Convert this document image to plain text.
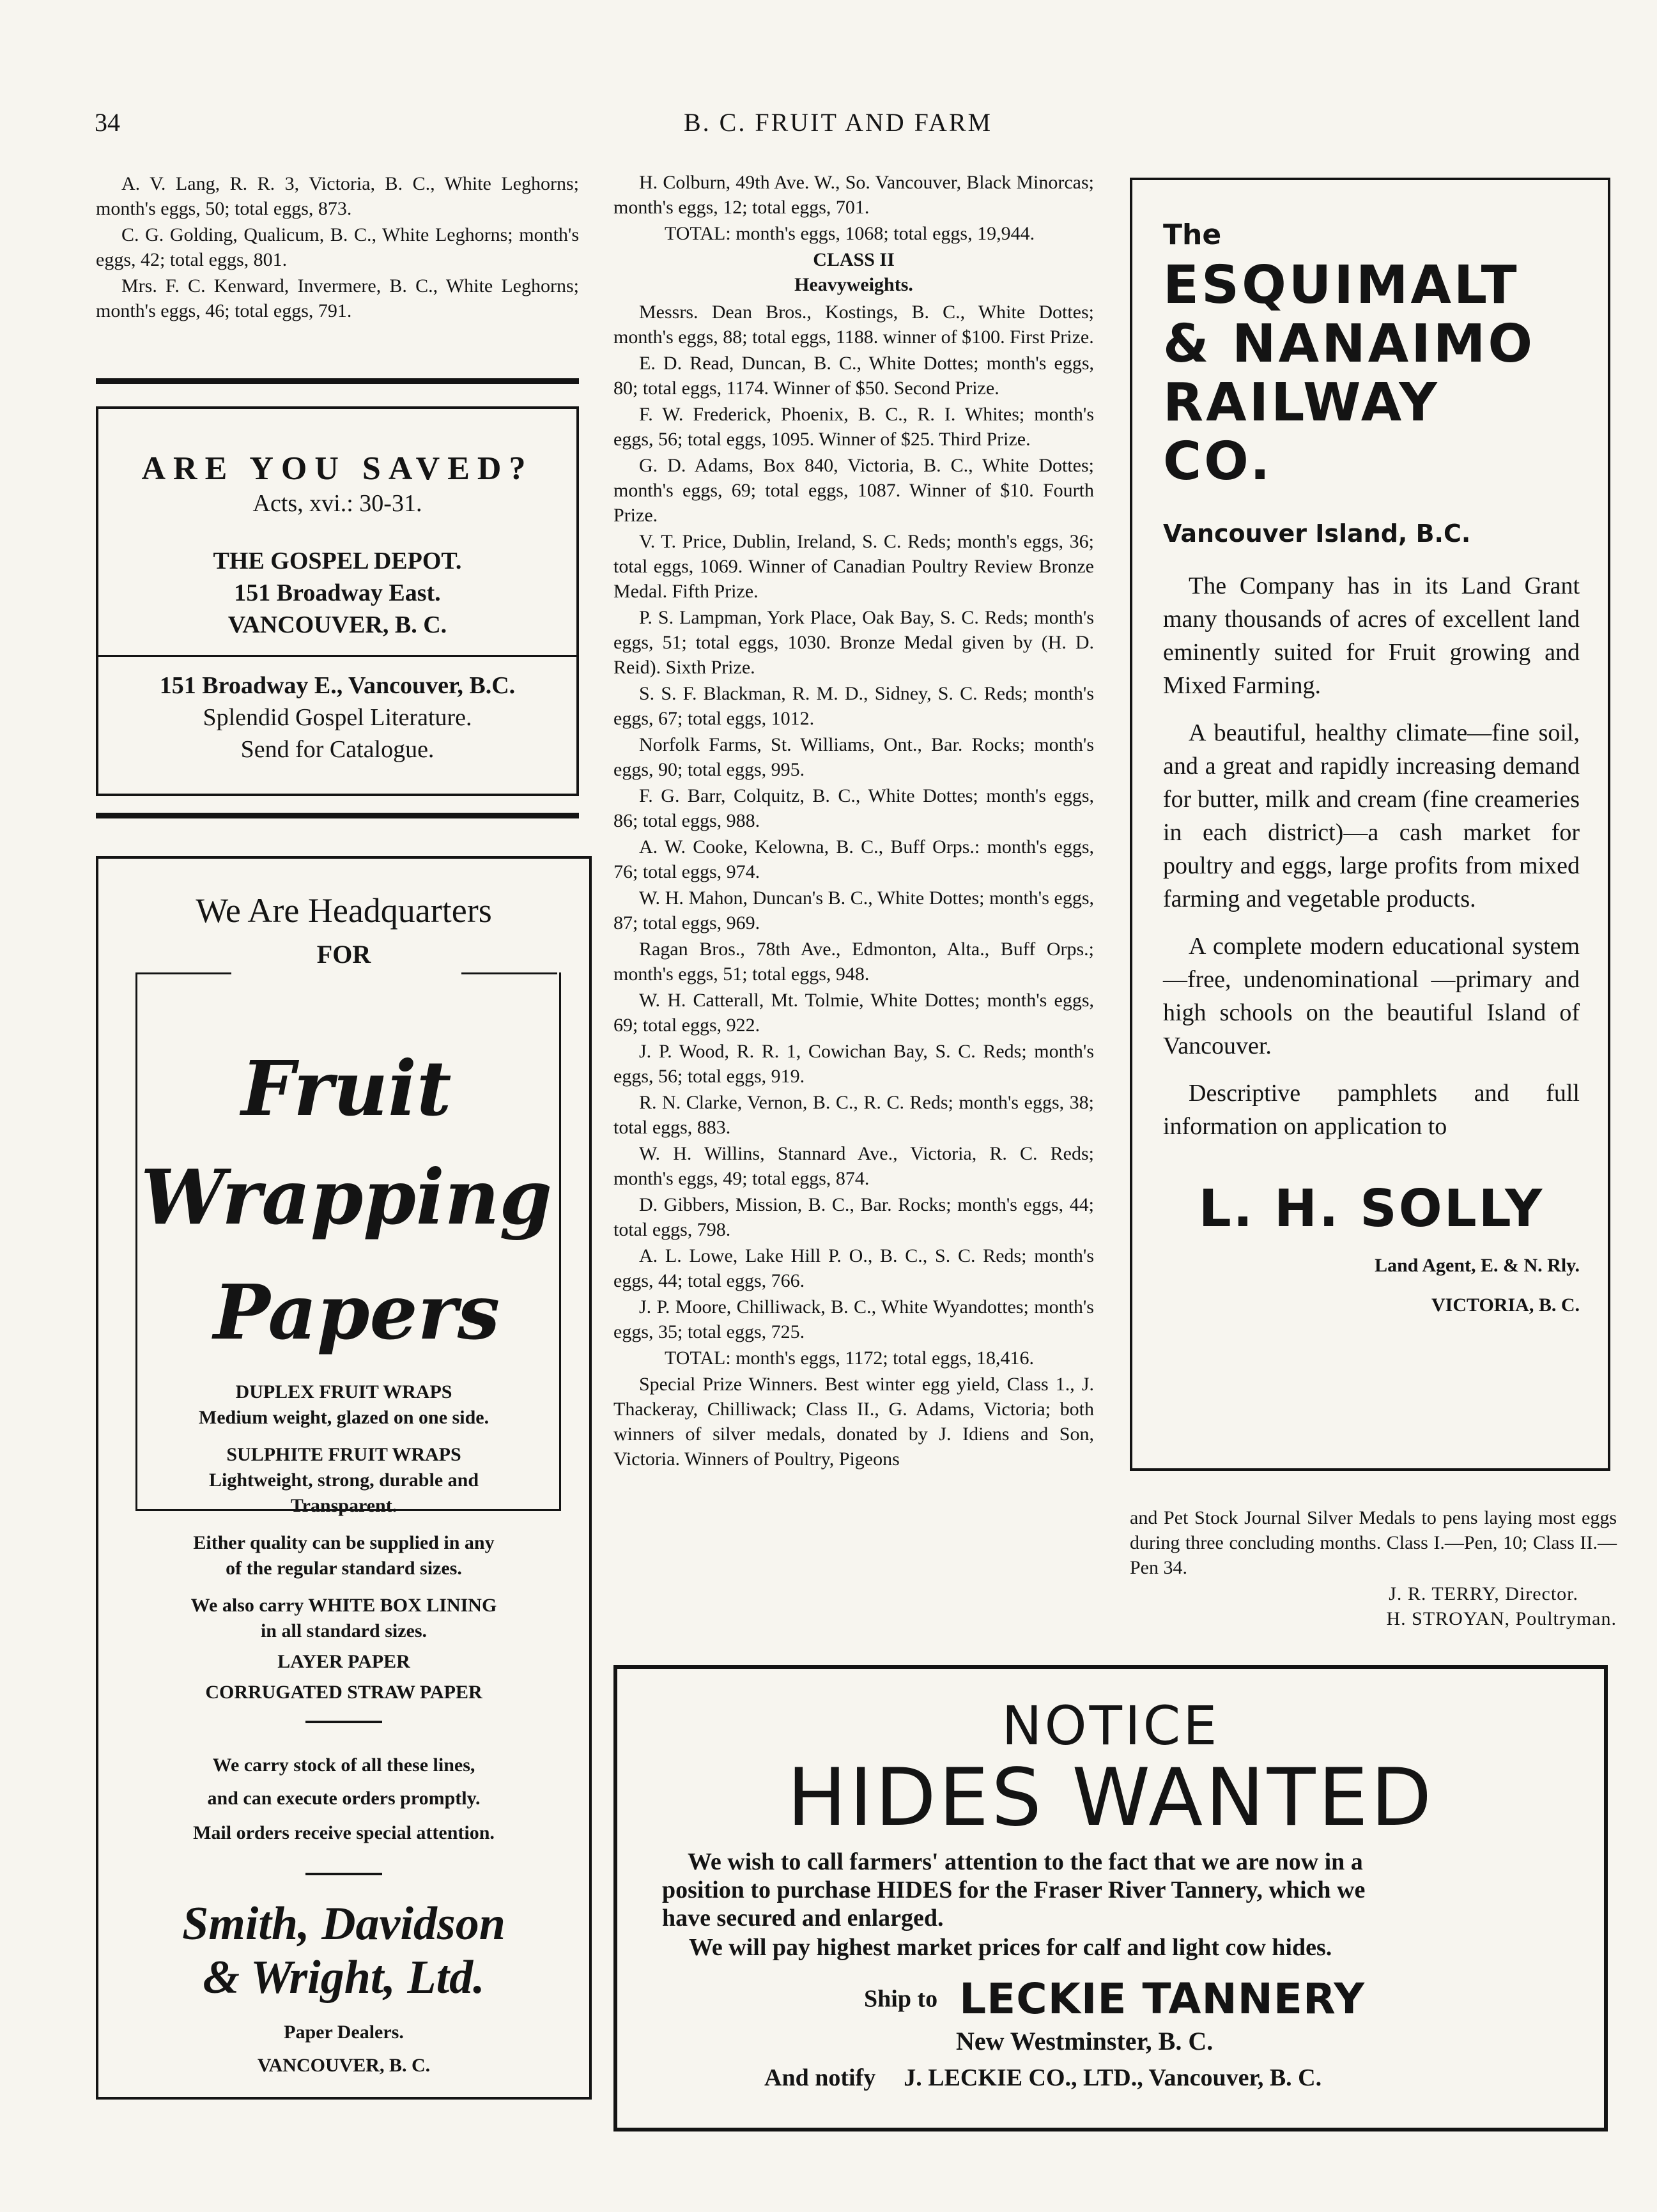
34	B. C. FRUIT AND FARM

A. V. Lang, R. R. 3, Victoria, B. C., White Leghorns; month's eggs, 50; total eggs, 873.

C. G. Golding, Qualicum, B. C., White Leghorns; month's eggs, 42; total eggs, 801.

Mrs. F. C. Kenward, Invermere, B. C., White Leghorns; month's eggs, 46; total eggs, 791.

ARE YOU SAVED?
Acts, xvi.: 30-31.
THE GOSPEL DEPOT.
151 Broadway East.
VANCOUVER, B. C.
151 Broadway E., Vancouver, B.C.
Splendid Gospel Literature.
Send for Catalogue.
We Are Headquarters
FOR
Fruit
Wrapping
Papers
DUPLEX FRUIT WRAPS
Medium weight, glazed on one side.
SULPHITE FRUIT WRAPS
Lightweight, strong, durable and
Transparent.
Either quality can be supplied in any
of the regular standard sizes.
We also carry WHITE BOX LINING
in all standard sizes.
LAYER PAPER
CORRUGATED STRAW PAPER
We carry stock of all these lines,
and can execute orders promptly.
Mail orders receive special attention.
Smith, Davidson
& Wright, Ltd.
Paper Dealers.
VANCOUVER, B. C.

H. Colburn, 49th Ave. W., So. Vancouver, Black Minorcas; month's eggs, 12; total eggs, 701.

TOTAL: month's eggs, 1068; total eggs, 19,944.

CLASS II
Heavyweights.

Messrs. Dean Bros., Kostings, B. C., White Dottes; month's eggs, 88; total eggs, 1188. winner of $100. First Prize.

E. D. Read, Duncan, B. C., White Dottes; month's eggs, 80; total eggs, 1174. Winner of $50. Second Prize.

F. W. Frederick, Phoenix, B. C., R. I. Whites; month's eggs, 56; total eggs, 1095. Winner of $25. Third Prize.

G. D. Adams, Box 840, Victoria, B. C., White Dottes; month's eggs, 69; total eggs, 1087. Winner of $10. Fourth Prize.

V. T. Price, Dublin, Ireland, S. C. Reds; month's eggs, 36; total eggs, 1069. Winner of Canadian Poultry Review Bronze Medal. Fifth Prize.

P. S. Lampman, York Place, Oak Bay, S. C. Reds; month's eggs, 51; total eggs, 1030. Bronze Medal given by (H. D. Reid). Sixth Prize.

S. S. F. Blackman, R. M. D., Sidney, S. C. Reds; month's eggs, 67; total eggs, 1012.

Norfolk Farms, St. Williams, Ont., Bar. Rocks; month's eggs, 90; total eggs, 995.

F. G. Barr, Colquitz, B. C., White Dottes; month's eggs, 86; total eggs, 988.

A. W. Cooke, Kelowna, B. C., Buff Orps.: month's eggs, 76; total eggs, 974.

W. H. Mahon, Duncan's B. C., White Dottes; month's eggs, 87; total eggs, 969.

Ragan Bros., 78th Ave., Edmonton, Alta., Buff Orps.; month's eggs, 51; total eggs, 948.

W. H. Catterall, Mt. Tolmie, White Dottes; month's eggs, 69; total eggs, 922.

J. P. Wood, R. R. 1, Cowichan Bay, S. C. Reds; month's eggs, 56; total eggs, 919.

R. N. Clarke, Vernon, B. C., R. C. Reds; month's eggs, 38; total eggs, 883.

W. H. Willins, Stannard Ave., Victoria, R. C. Reds; month's eggs, 49; total eggs, 874.

D. Gibbers, Mission, B. C., Bar. Rocks; month's eggs, 44; total eggs, 798.

A. L. Lowe, Lake Hill P. O., B. C., S. C. Reds; month's eggs, 44; total eggs, 766.

J. P. Moore, Chilliwack, B. C., White Wyandottes; month's eggs, 35; total eggs, 725.

TOTAL: month's eggs, 1172; total eggs, 18,416.

Special Prize Winners. Best winter egg yield, Class 1., J. Thackeray, Chilliwack; Class II., G. Adams, Victoria; both winners of silver medals, donated by J. Idiens and Son, Victoria. Winners of Poultry, Pigeons

The
ESQUIMALT
& NANAIMO
RAILWAY
CO.
Vancouver Island, B.C.
The Company has in its Land Grant many thousands of acres of excellent land eminently suited for Fruit growing and Mixed Farming.
A beautiful, healthy climate—fine soil, and a great and rapidly increasing demand for butter, milk and cream (fine creameries in each district)—a cash market for poultry and eggs, large profits from mixed farming and vegetable products.
A complete modern educational system—free, undenominational —primary and high schools on the beautiful Island of Vancouver.
Descriptive pamphlets and full information on application to
L. H. SOLLY
Land Agent, E. & N. Rly.
VICTORIA, B. C.

and Pet Stock Journal Silver Medals to pens laying most eggs during three concluding months. Class I.—Pen, 10; Class II.—Pen 34.

J. R. TERRY, Director.
H. STROYAN, Poultryman.
NOTICE
HIDES WANTED
We wish to call farmers' attention to the fact that we are now in a
position to purchase HIDES for the Fraser River Tannery, which we
have secured and enlarged.
We will pay highest market prices for calf and light cow hides.
Ship to LECKIE TANNERY
New Westminster, B. C.
And notify J. LECKIE CO., LTD., Vancouver, B. C.
